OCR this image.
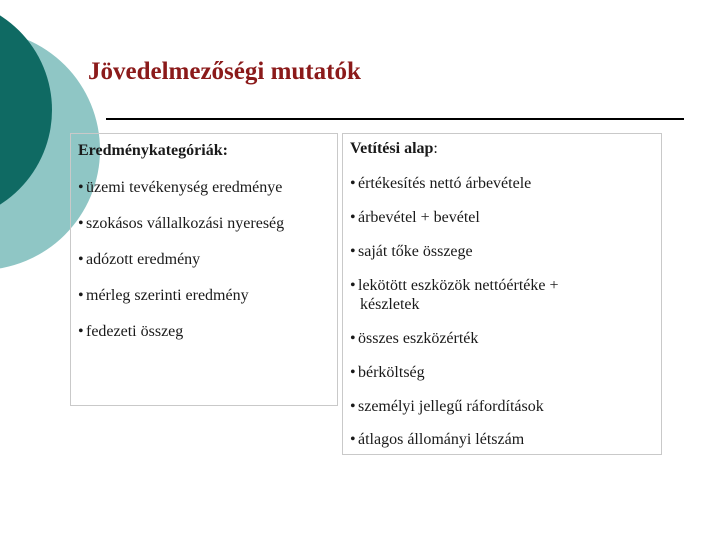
Jövedelmezőségi mutatók
Eredménykategóriák:
• üzemi tevékenység eredménye
• szokásos vállalkozási nyereség
• adózott eredmény
• mérleg szerinti eredmény
• fedezeti összeg
Vetítési alap:
• értékesítés nettó árbevétele
• árbevétel + bevétel
• saját tőke összege
• lekötött eszközök nettóértéke +
készletek
• összes eszközérték
• bérköltség
• személyi jellegű ráfordítások
• átlagos állományi létszám
